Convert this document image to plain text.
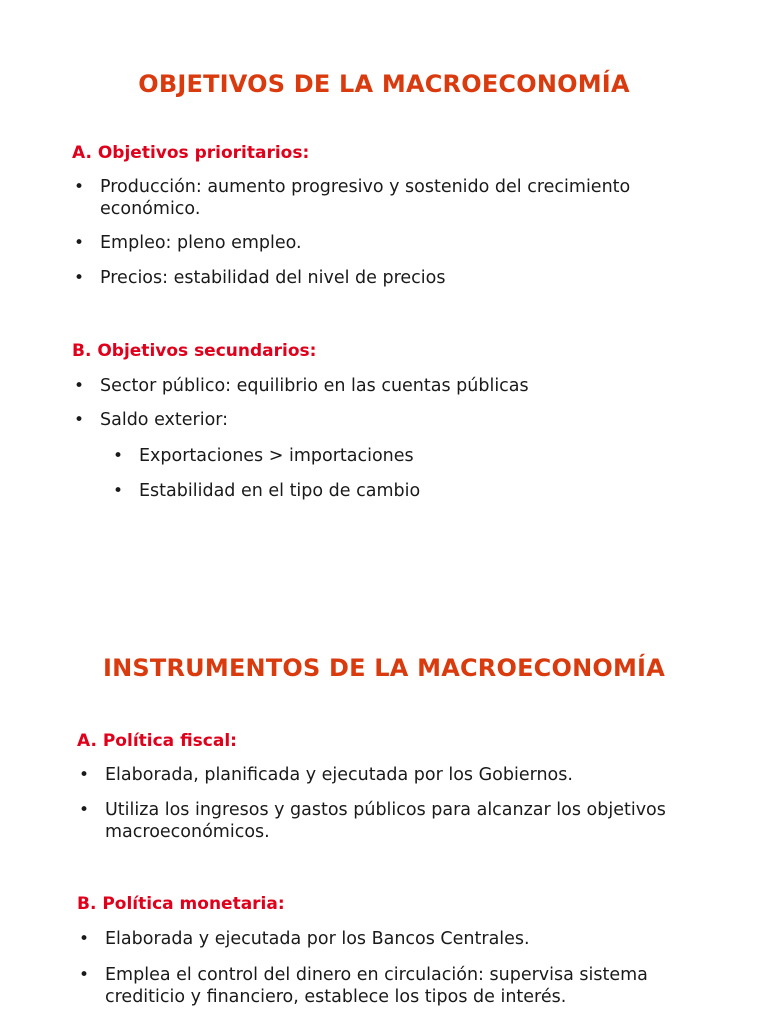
OBJETIVOS DE LA MACROECONOMÍA
A. Objetivos prioritarios:
• Producción: aumento progresivo y sostenido del crecimiento económico.
• Empleo: pleno empleo.
• Precios: estabilidad del nivel de precios
B. Objetivos secundarios:
• Sector público: equilibrio en las cuentas públicas
• Saldo exterior:
• Exportaciones > importaciones
• Estabilidad en el tipo de cambio
INSTRUMENTOS DE LA MACROECONOMÍA
A. Política fiscal:
• Elaborada, planificada y ejecutada por los Gobiernos.
• Utiliza los ingresos y gastos públicos para alcanzar los objetivos macroeconómicos.
B. Política monetaria:
• Elaborada y ejecutada por los Bancos Centrales.
• Emplea el control del dinero en circulación: supervisa sistema crediticio y financiero, establece los tipos de interés.
